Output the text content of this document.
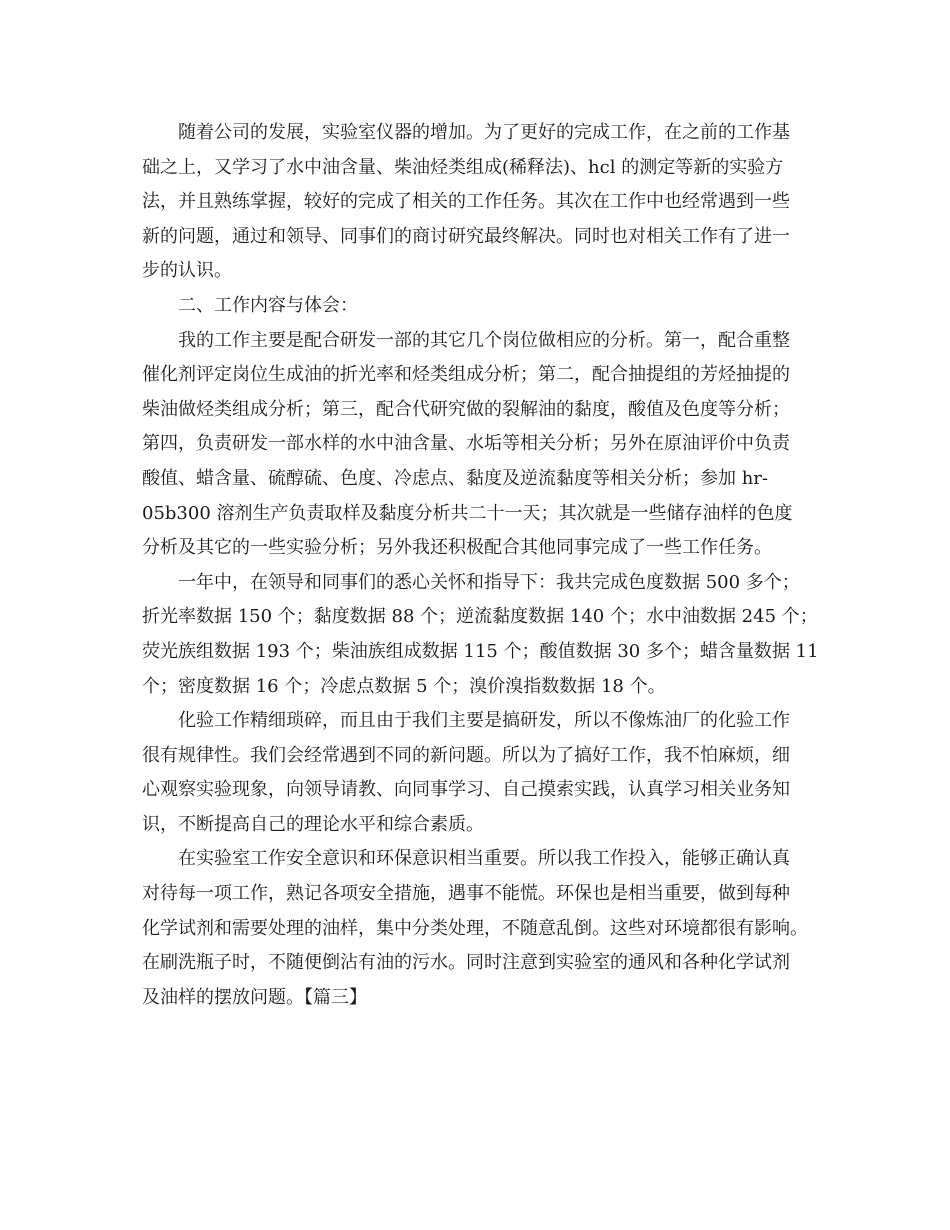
随着公司的发展，实验室仪器的增加。为了更好的完成工作，在之前的工作基
础之上，又学习了水中油含量、柴油烃类组成(稀释法)、hcl 的测定等新的实验方
法，并且熟练掌握，较好的完成了相关的工作任务。其次在工作中也经常遇到一些
新的问题，通过和领导、同事们的商讨研究最终解决。同时也对相关工作有了进一
步的认识。
二、工作内容与体会：
我的工作主要是配合研发一部的其它几个岗位做相应的分析。第一，配合重整
催化剂评定岗位生成油的折光率和烃类组成分析；第二，配合抽提组的芳烃抽提的
柴油做烃类组成分析；第三，配合代研究做的裂解油的黏度，酸值及色度等分析；
第四，负责研发一部水样的水中油含量、水垢等相关分析；另外在原油评价中负责
酸值、蜡含量、硫醇硫、色度、冷虑点、黏度及逆流黏度等相关分析；参加 hr-
05b300 溶剂生产负责取样及黏度分析共二十一天；其次就是一些储存油样的色度
分析及其它的一些实验分析；另外我还积极配合其他同事完成了一些工作任务。
一年中，在领导和同事们的悉心关怀和指导下：我共完成色度数据 500 多个；
折光率数据 150 个；黏度数据 88 个；逆流黏度数据 140 个；水中油数据 245 个；
荧光族组数据 193 个；柴油族组成数据 115 个；酸值数据 30 多个；蜡含量数据 11
个；密度数据 16 个；冷虑点数据 5 个；溴价溴指数数据 18 个。
化验工作精细琐碎，而且由于我们主要是搞研发，所以不像炼油厂的化验工作
很有规律性。我们会经常遇到不同的新问题。所以为了搞好工作，我不怕麻烦，细
心观察实验现象，向领导请教、向同事学习、自己摸索实践，认真学习相关业务知
识，不断提高自己的理论水平和综合素质。
在实验室工作安全意识和环保意识相当重要。所以我工作投入，能够正确认真
对待每一项工作，熟记各项安全措施，遇事不能慌。环保也是相当重要，做到每种
化学试剂和需要处理的油样，集中分类处理，不随意乱倒。这些对环境都很有影响。
在刷洗瓶子时，不随便倒沾有油的污水。同时注意到实验室的通风和各种化学试剂
及油样的摆放问题。【篇三】
